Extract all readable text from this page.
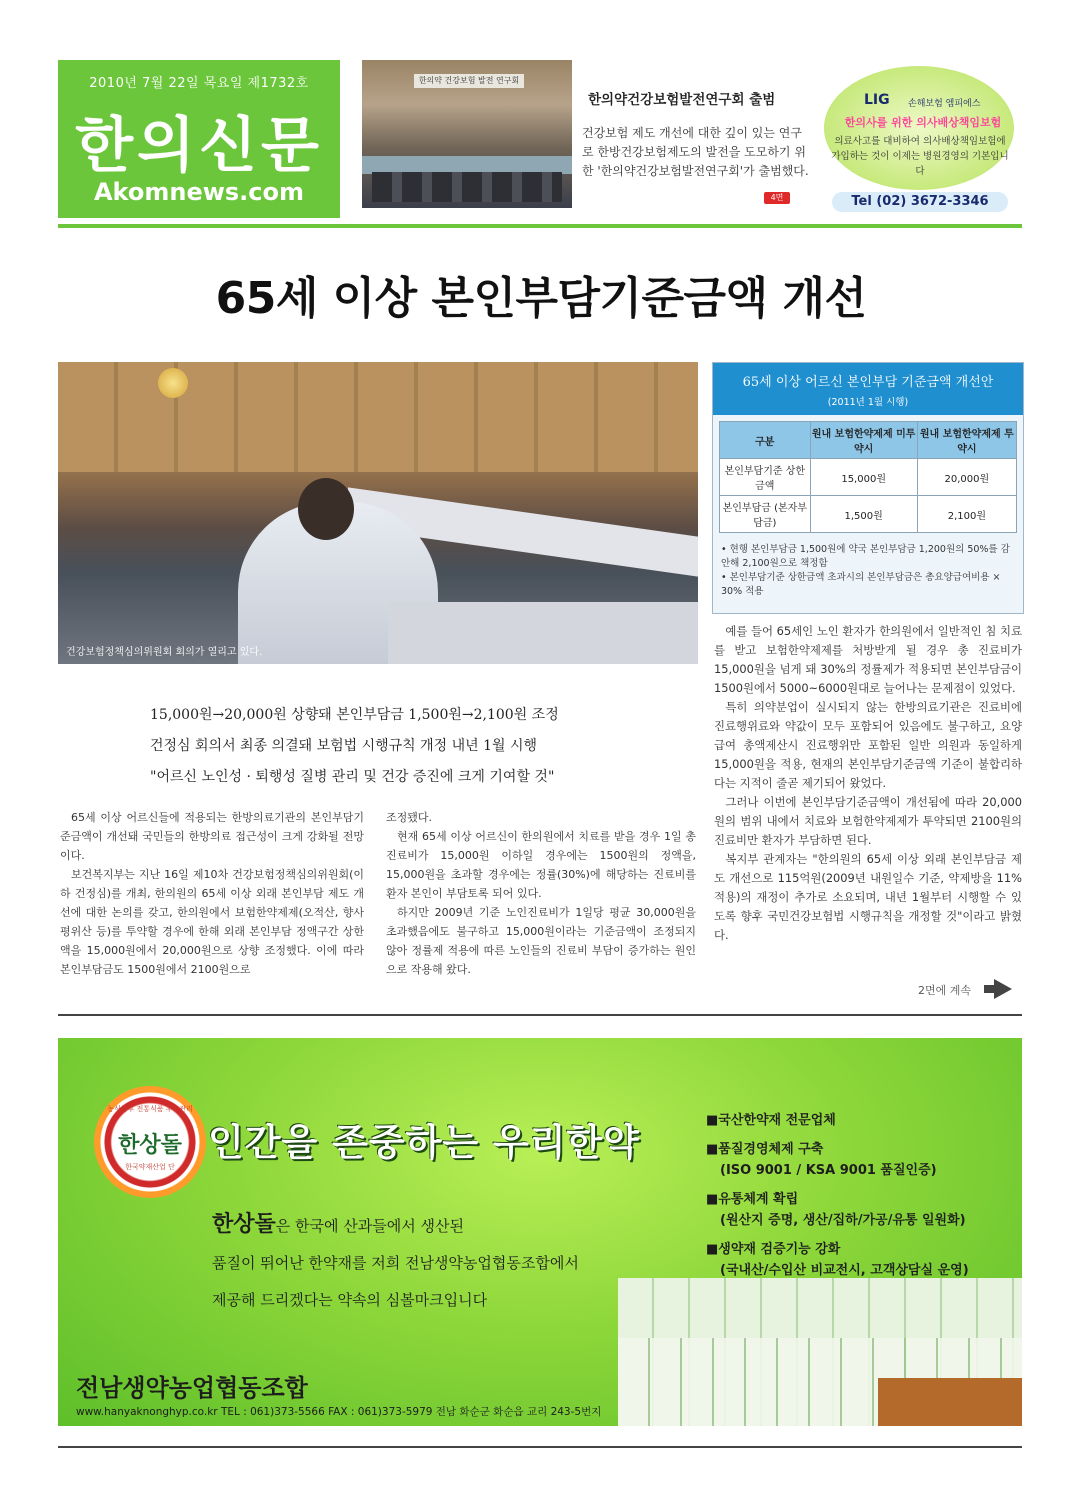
2010년 7월 22일 목요일 제1732호
한의신문
Akomnews.com
한의약 건강보험 발전 연구회
한의약건강보험발전연구회 출범
건강보험 제도 개선에 대한 깊이 있는 연구로 한방건강보험제도의 발전을 도모하기 위한 '한의약건강보험발전연구회'가 출범했다.
4면
LIG 손해보험 엠피에스
한의사를 위한 의사배상책임보험
의료사고를 대비하여 의사배상책임보험에 가입하는 것이 이제는 병원경영의 기본입니다
Tel (02) 3672-3346
65세 이상 본인부담기준금액 개선
건강보험정책심의위원회 회의가 열리고 있다.
65세 이상 어르신 본인부담 기준금액 개선안
(2011년 1월 시행)
구분	원내 보험한약제제 미투약시	원내 보험한약제제 투약시
본인부담기준 상한금액	15,000원	20,000원
본인부담금 (본자부담금)	1,500원	2,100원
• 현행 본인부담금 1,500원에 약국 본인부담금 1,200원의 50%를 감안해 2,100원으로 책정함
• 본인부담기준 상한금액 초과시의 본인부담금은 총요양급여비용 × 30% 적용
15,000원→20,000원 상향돼 본인부담금 1,500원→2,100원 조정
건정심 회의서 최종 의결돼 보험법 시행규칙 개정 내년 1월 시행
"어르신 노인성 · 퇴행성 질병 관리 및 건강 증진에 크게 기여할 것"

65세 이상 어르신들에 적용되는 한방의료기관의 본인부담기준금액이 개선돼 국민들의 한방의료 접근성이 크게 강화될 전망이다.

보건복지부는 지난 16일 제10차 건강보험정책심의위원회(이하 건정심)를 개최, 한의원의 65세 이상 외래 본인부담 제도 개선에 대한 논의를 갖고, 한의원에서 보험한약제제(오적산, 향사평위산 등)를 투약할 경우에 한해 외래 본인부담 정액구간 상한액을 15,000원에서 20,000원으로 상향 조정했다. 이에 따라 본인부담금도 1500원에서 2100원으로

조정됐다.

현재 65세 이상 어르신이 한의원에서 치료를 받을 경우 1일 총 진료비가 15,000원 이하일 경우에는 1500원의 정액을, 15,000원을 초과할 경우에는 정률(30%)에 해당하는 진료비를 환자 본인이 부담토록 되어 있다.

하지만 2009년 기준 노인진료비가 1일당 평균 30,000원을 초과했음에도 불구하고 15,000원이라는 기준금액이 조정되지 않아 정률제 적용에 따른 노인들의 진료비 부담이 증가하는 원인으로 작용해 왔다.

예를 들어 65세인 노인 환자가 한의원에서 일반적인 침 치료를 받고 보험한약제제를 처방받게 될 경우 총 진료비가 15,000원을 넘게 돼 30%의 정률제가 적용되면 본인부담금이 1500원에서 5000~6000원대로 늘어나는 문제점이 있었다.

특히 의약분업이 실시되지 않는 한방의료기관은 진료비에 진료행위료와 약값이 모두 포함되어 있음에도 불구하고, 요양급여 총액제산시 진료행위만 포함된 일반 의원과 동일하게 15,000원을 적용, 현재의 본인부담기준금액 기준이 불합리하다는 지적이 줄곧 제기되어 왔었다.

그러나 이번에 본인부담기준금액이 개선됨에 따라 20,000원의 범위 내에서 치료와 보험한약제제가 투약되면 2100원의 진료비만 환자가 부담하면 된다.

복지부 관계자는 "한의원의 65세 이상 외래 본인부담금 제도 개선으로 115억원(2009년 내원일수 기준, 약제방을 11% 적용)의 재정이 추가로 소요되며, 내년 1월부터 시행할 수 있도록 향후 국민건강보험법 시행규칙을 개정할 것"이라고 밝혔다.

2면에 계속
농식품부 전통식품 우수관리
한상돌
한국약재산업 단
인간을 존중하는 우리한약
한상돌은 한국에 산과들에서 생산된
품질이 뛰어난 한약재를 저희 전남생약농업협동조합에서
제공해 드리겠다는 약속의 심볼마크입니다
■국산한약재 전문업체
■품질경영체제 구축
(ISO 9001 / KSA 9001 품질인증)
■유통체계 확립
(원산지 증명, 생산/집하/가공/유통 일원화)
■생약재 검증기능 강화
(국내산/수입산 비교전시, 고객상담실 운영)
전남생약농업협동조합
www.hanyaknonghyp.co.kr TEL : 061)373-5566 FAX : 061)373-5979 전남 화순군 화순읍 교리 243-5번지
